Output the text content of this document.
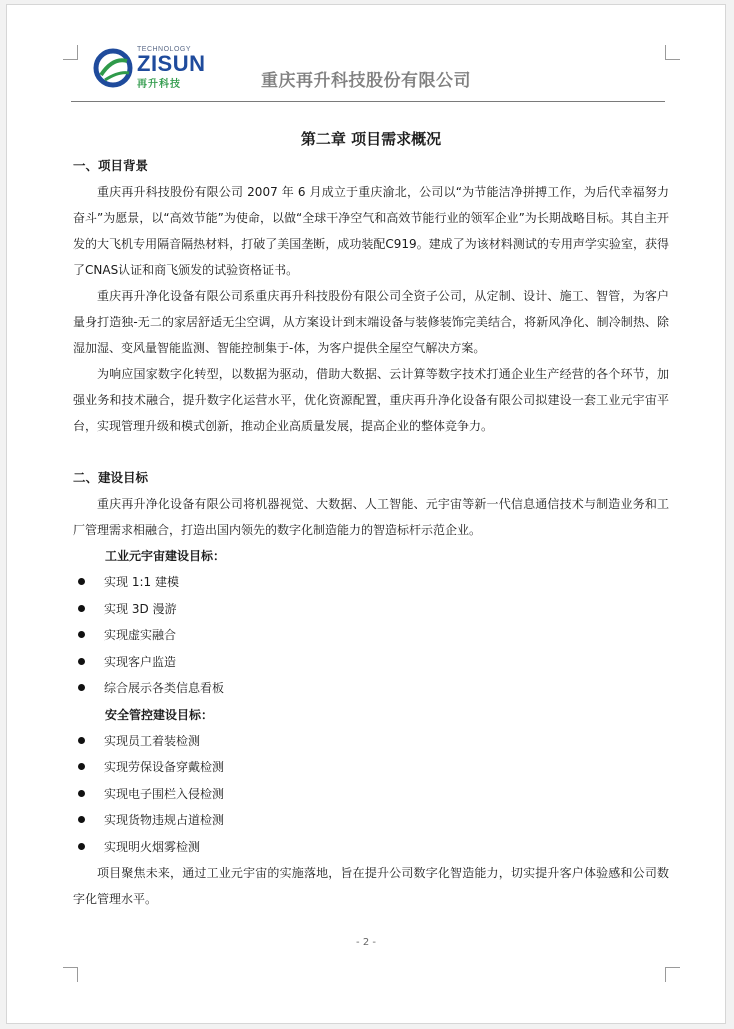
TECHNOLOGY
ZISUN
再升科技	重庆再升科技股份有限公司
第二章 项目需求概况
一、项目背景

重庆再升科技股份有限公司 2007 年 6 月成立于重庆渝北，公司以“为节能洁净拼搏工作，为后代幸福努力奋斗”为愿景，以“高效节能”为使命，以做“全球干净空气和高效节能行业的领军企业”为长期战略目标。其自主开发的大飞机专用隔音隔热材料，打破了美国垄断，成功装配C919。建成了为该材料测试的专用声学实验室，获得了CNAS认证和商飞颁发的试验资格证书。

重庆再升净化设备有限公司系重庆再升科技股份有限公司全资子公司，从定制、设计、施工、智管，为客户量身打造独-无二的家居舒适无尘空调，从方案设计到末端设备与装修装饰完美结合，将新风净化、制冷制热、除湿加湿、变风量智能监测、智能控制集于-体，为客户提供全屋空气解决方案。

为响应国家数字化转型，以数据为驱动，借助大数据、云计算等数字技术打通企业生产经营的各个环节，加强业务和技术融合，提升数字化运营水平，优化资源配置，重庆再升净化设备有限公司拟建设一套工业元宇宙平台，实现管理升级和模式创新，推动企业高质量发展，提高企业的整体竞争力。

二、建设目标

重庆再升净化设备有限公司将机器视觉、大数据、人工智能、元宇宙等新一代信息通信技术与制造业务和工厂管理需求相融合，打造出国内领先的数字化制造能力的智造标杆示范企业。

工业元宇宙建设目标：
实现 1:1 建模
实现 3D 漫游
实现虚实融合
实现客户监造
综合展示各类信息看板
安全管控建设目标：
实现员工着装检测
实现劳保设备穿戴检测
实现电子围栏入侵检测
实现货物违规占道检测
实现明火烟雾检测

项目聚焦未来，通过工业元宇宙的实施落地，旨在提升公司数字化智造能力，切实提升客户体验感和公司数字化管理水平。

- 2 -
